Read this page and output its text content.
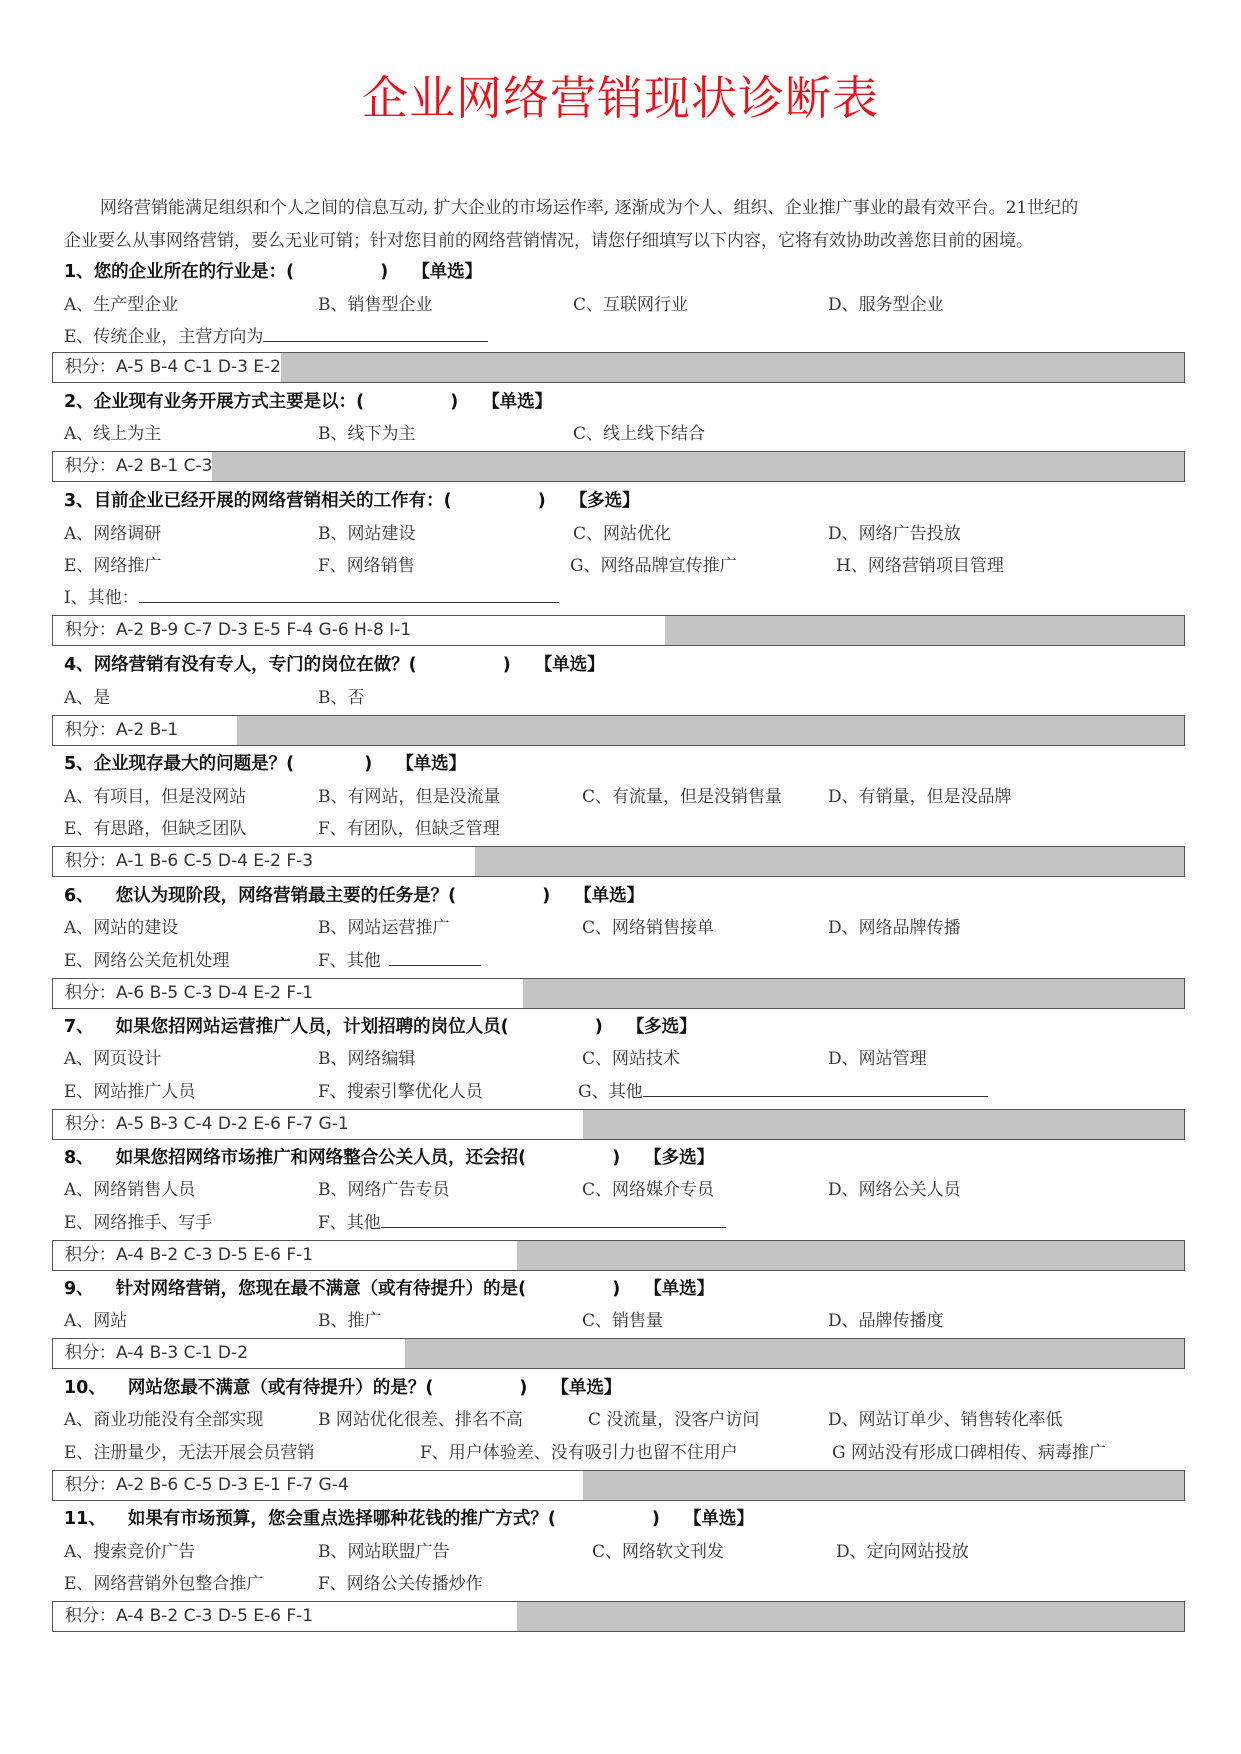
企业网络营销现状诊断表

网络营销能满足组织和个人之间的信息互动, 扩大企业的市场运作率, 逐渐成为个人、组织、企业推广事业的最有效平台。21世纪的

企业要么从事网络营销，要么无业可销；针对您目前的网络营销情况，请您仔细填写以下内容，它将有效协助改善您目前的困境。

1、您的企业所在的行业是：(	) 【单选】
A、生产型企业	B、销售型企业	C、互联网行业	D、服务型企业
E、传统企业，主营方向为
积分：A-5 B-4 C-1 D-3 E-2
2、企业现有业务开展方式主要是以：(	) 【单选】
A、线上为主	B、线下为主	C、线上线下结合
积分：A-2 B-1 C-3
3、目前企业已经开展的网络营销相关的工作有：(	) 【多选】
A、网络调研	B、网站建设	C、网站优化	D、网络广告投放
E、网络推广	F、网络销售	G、网络品牌宣传推广	H、网络营销项目管理
I、其他：
积分：A-2 B-9 C-7 D-3 E-5 F-4 G-6 H-8 I-1
4、网络营销有没有专人，专门的岗位在做？(	) 【单选】
A、是	B、否
积分：A-2 B-1
5、企业现存最大的问题是？(	) 【单选】
A、有项目，但是没网站	B、有网站，但是没流量	C、有流量，但是没销售量	D、有销量，但是没品牌
E、有思路，但缺乏团队	F、有团队，但缺乏管理
积分：A-1 B-6 C-5 D-4 E-2 F-3
6、 您认为现阶段，网络营销最主要的任务是？(	) 【单选】
A、网站的建设	B、网站运营推广	C、网络销售接单	D、网络品牌传播
E、网络公关危机处理	F、其他
积分：A-6 B-5 C-3 D-4 E-2 F-1
7、 如果您招网站运营推广人员，计划招聘的岗位人员(	) 【多选】
A、网页设计	B、网络编辑	C、网站技术	D、网站管理
E、网站推广人员	F、搜索引擎优化人员	G、其他
积分：A-5 B-3 C-4 D-2 E-6 F-7 G-1
8、 如果您招网络市场推广和网络整合公关人员，还会招(	) 【多选】
A、网络销售人员	B、网络广告专员	C、网络媒介专员	D、网络公关人员
E、网络推手、写手	F、其他
积分：A-4 B-2 C-3 D-5 E-6 F-1
9、 针对网络营销，您现在最不满意（或有待提升）的是(	) 【单选】
A、网站	B、推广	C、销售量	D、品牌传播度
积分：A-4 B-3 C-1 D-2
10、 网站您最不满意（或有待提升）的是？(	) 【单选】
A、商业功能没有全部实现	B 网站优化很差、排名不高	C 没流量，没客户访问	D、网站订单少、销售转化率低
E、注册量少，无法开展会员营销	F、用户体验差、没有吸引力也留不住用户	G 网站没有形成口碑相传、病毒推广
积分：A-2 B-6 C-5 D-3 E-1 F-7 G-4
11、 如果有市场预算，您会重点选择哪种花钱的推广方式？(	) 【单选】
A、搜索竞价广告	B、网站联盟广告	C、网络软文刊发	D、定向网站投放
E、网络营销外包整合推广	F、网络公关传播炒作
积分：A-4 B-2 C-3 D-5 E-6 F-1
